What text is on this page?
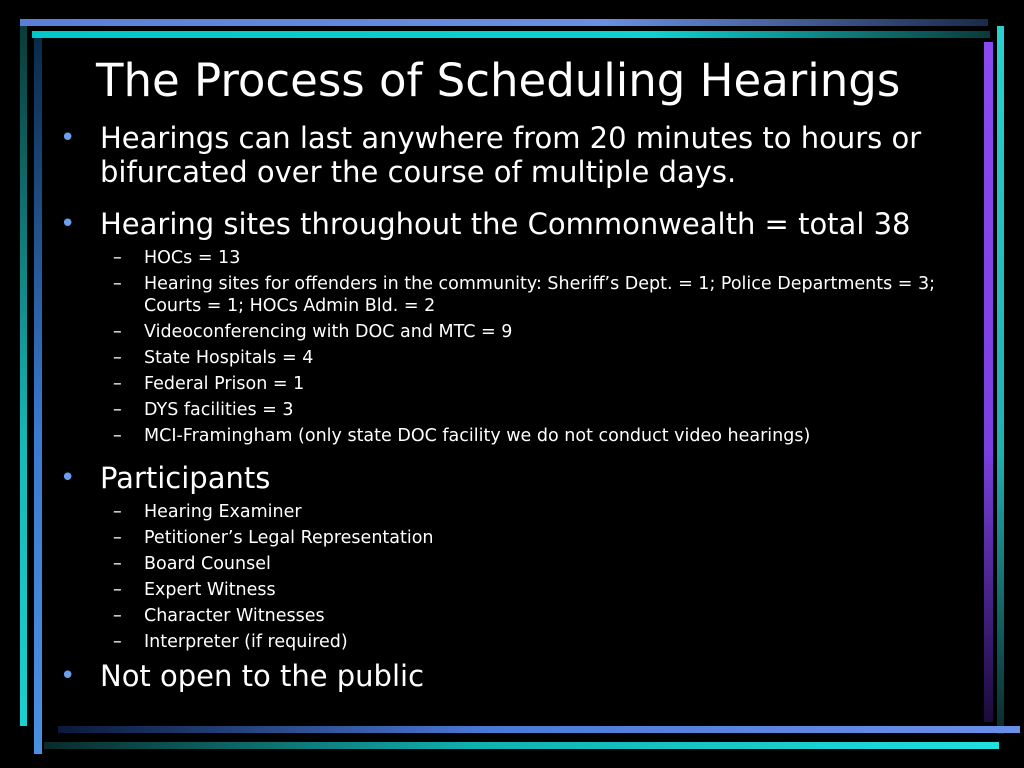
The Process of Scheduling Hearings
• Hearings can last anywhere from 20 minutes to hours or bifurcated over the course of multiple days.
• Hearing sites throughout the Commonwealth = total 38
– HOCs = 13
– Hearing sites for offenders in the community: Sheriff’s Dept. = 1; Police Departments = 3; Courts = 1; HOCs Admin Bld. = 2
– Videoconferencing with DOC and MTC = 9
– State Hospitals = 4
– Federal Prison = 1
– DYS facilities = 3
– MCI-Framingham (only state DOC facility we do not conduct video hearings)
• Participants
– Hearing Examiner
– Petitioner’s Legal Representation
– Board Counsel
– Expert Witness
– Character Witnesses
– Interpreter (if required)
• Not open to the public
